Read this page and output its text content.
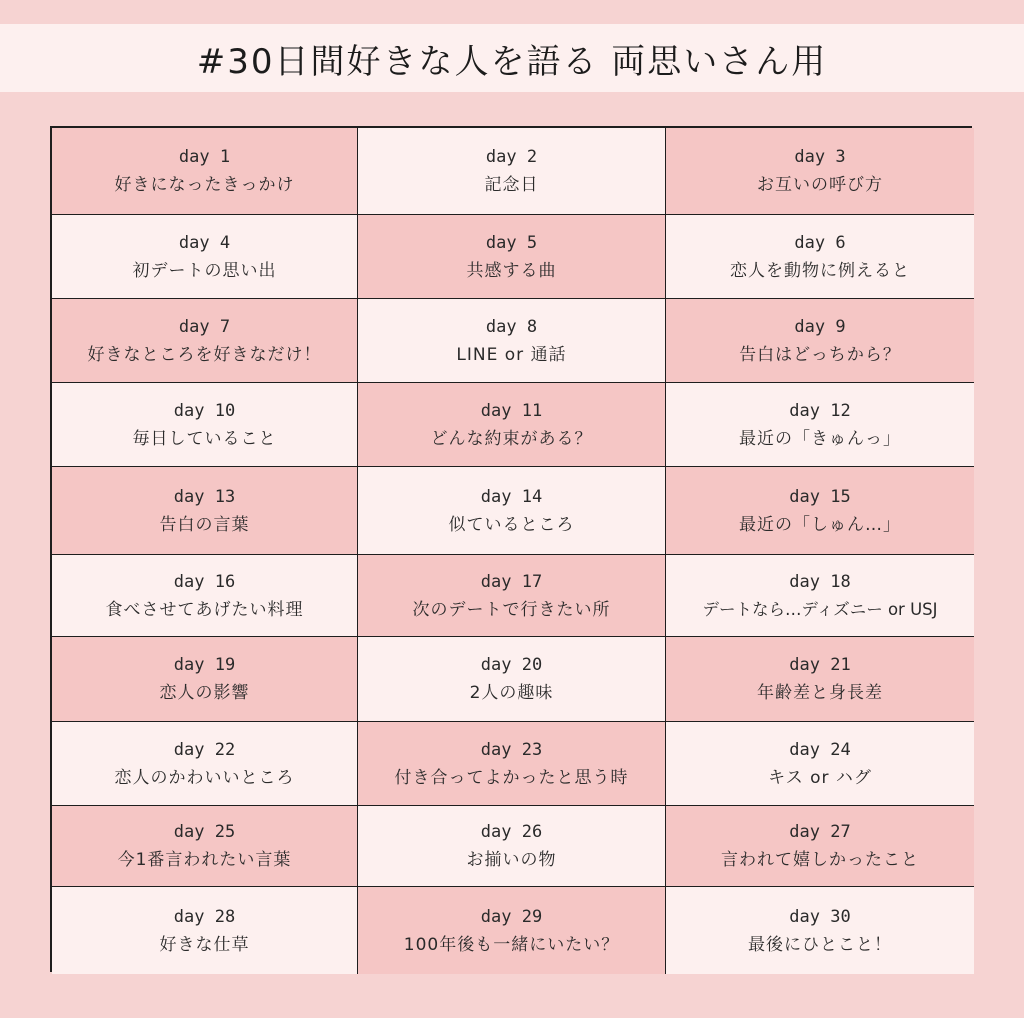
#30日間好きな人を語る 両思いさん用
day 1
好きになったきっかけ
day 2
記念日
day 3
お互いの呼び方
day 4
初デートの思い出
day 5
共感する曲
day 6
恋人を動物に例えると
day 7
好きなところを好きなだけ！
day 8
LINE or 通話
day 9
告白はどっちから？
day 10
毎日していること
day 11
どんな約束がある？
day 12
最近の「きゅんっ」
day 13
告白の言葉
day 14
似ているところ
day 15
最近の「しゅん…」
day 16
食べさせてあげたい料理
day 17
次のデートで行きたい所
day 18
デートなら…ディズニー or USJ
day 19
恋人の影響
day 20
2人の趣味
day 21
年齢差と身長差
day 22
恋人のかわいいところ
day 23
付き合ってよかったと思う時
day 24
キス or ハグ
day 25
今1番言われたい言葉
day 26
お揃いの物
day 27
言われて嬉しかったこと
day 28
好きな仕草
day 29
100年後も一緒にいたい？
day 30
最後にひとこと！
